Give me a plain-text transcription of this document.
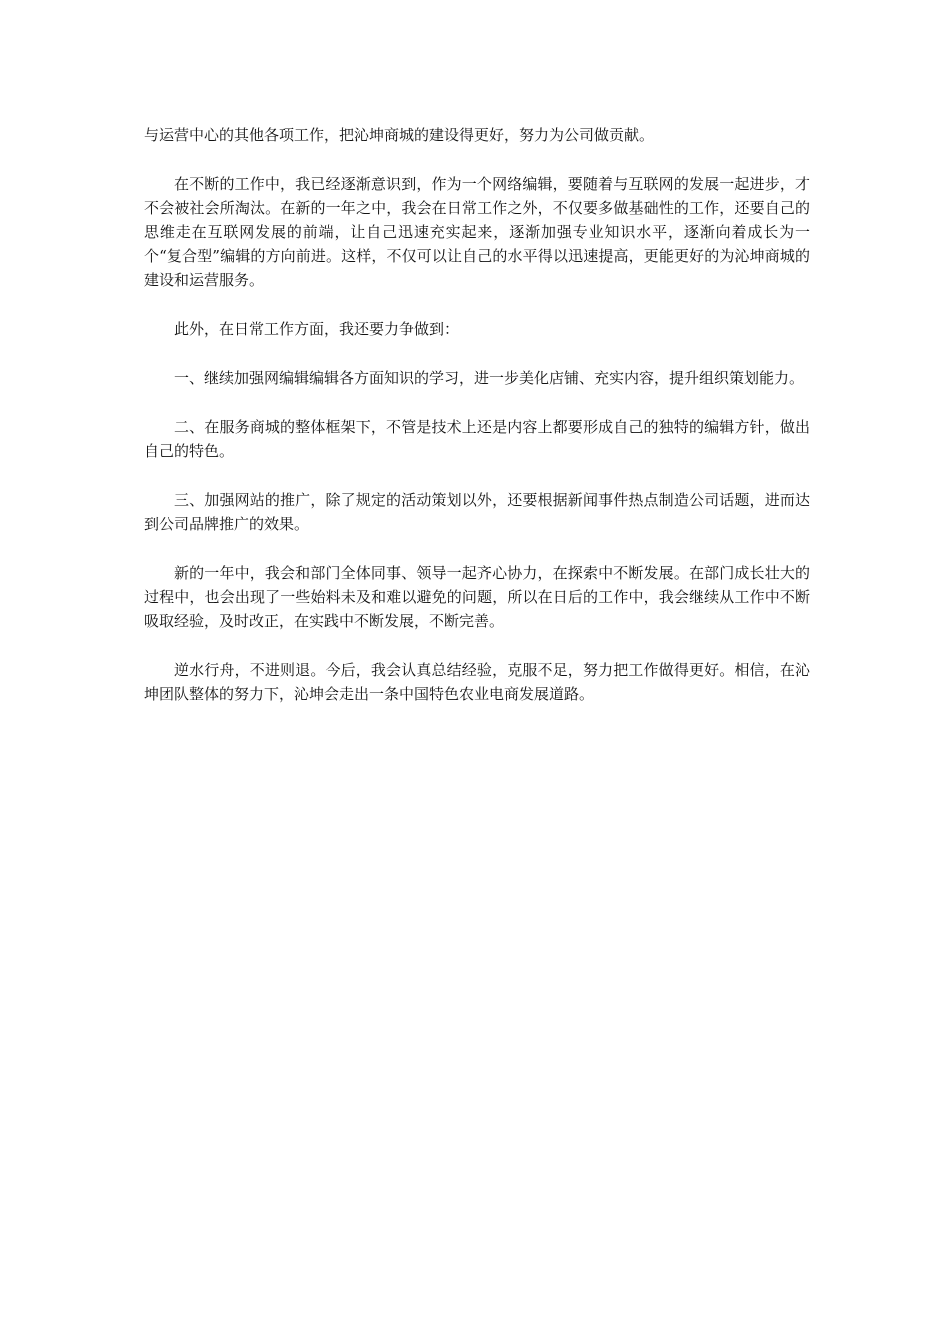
与运营中心的其他各项工作，把沁坤商城的建设得更好，努力为公司做贡献。

在不断的工作中，我已经逐渐意识到，作为一个网络编辑，要随着与互联网的发展一起进步，才不会被社会所淘汰。在新的一年之中，我会在日常工作之外，不仅要多做基础性的工作，还要自己的思维走在互联网发展的前端，让自己迅速充实起来，逐渐加强专业知识水平，逐渐向着成长为一个“复合型”编辑的方向前进。这样，不仅可以让自己的水平得以迅速提高，更能更好的为沁坤商城的建设和运营服务。

此外，在日常工作方面，我还要力争做到：

一、继续加强网编辑编辑各方面知识的学习，进一步美化店铺、充实内容，提升组织策划能力。

二、在服务商城的整体框架下，不管是技术上还是内容上都要形成自己的独特的编辑方针，做出自己的特色。

三、加强网站的推广，除了规定的活动策划以外，还要根据新闻事件热点制造公司话题，进而达到公司品牌推广的效果。

新的一年中，我会和部门全体同事、领导一起齐心协力，在探索中不断发展。在部门成长壮大的过程中，也会出现了一些始料未及和难以避免的问题，所以在日后的工作中，我会继续从工作中不断吸取经验，及时改正，在实践中不断发展，不断完善。

逆水行舟，不进则退。今后，我会认真总结经验，克服不足，努力把工作做得更好。相信，在沁坤团队整体的努力下，沁坤会走出一条中国特色农业电商发展道路。
